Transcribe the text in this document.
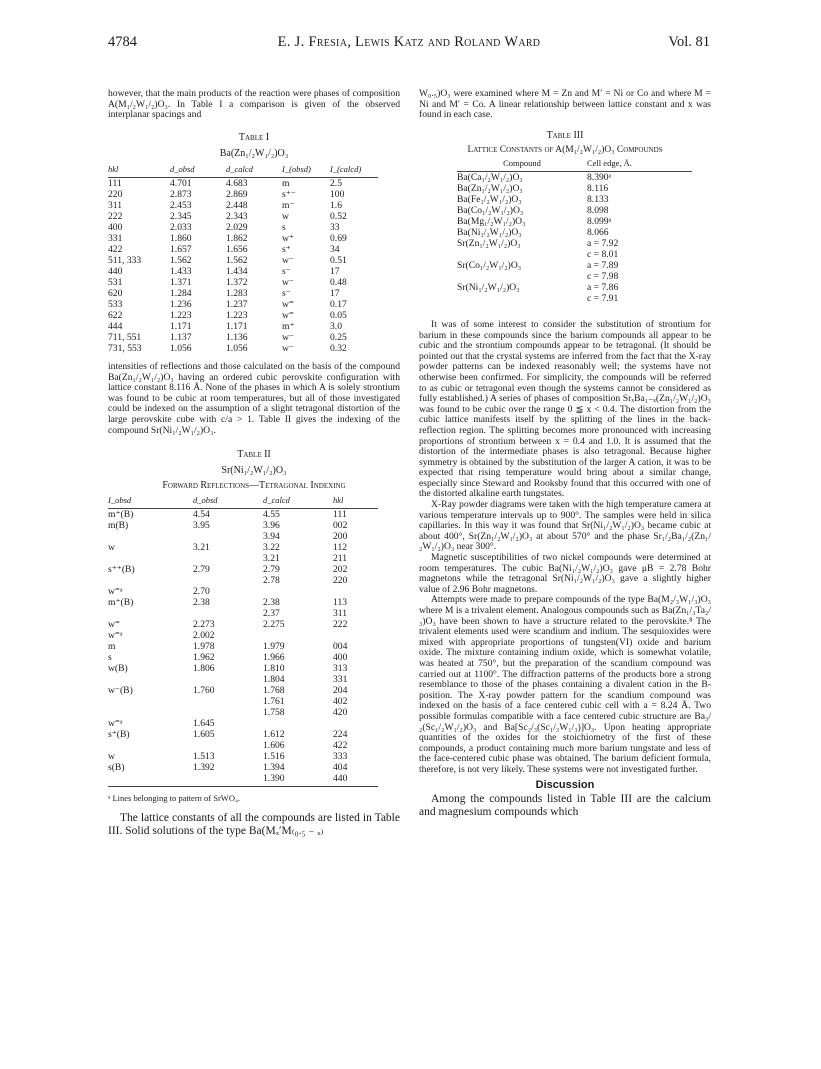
4784	E. J. Fresia, Lewis Katz and Roland Ward	Vol. 81

however, that the main products of the reaction were phases of composition A(M₁/₂W₁/₂)O₃. In Table I a comparison is given of the observed interplanar spacings and

Table I

Ba(Zn₁/₂W₁/₂)O₃

hkl	d_obsd	d_calcd	I_(obsd)	I_(calcd)
111	4.701	4.683	m	2.5
220	2.873	2.869	s⁺⁻	100
311	2.453	2.448	m⁻	1.6
222	2.345	2.343	w	0.52
400	2.033	2.029	s	33
331	1.860	1.862	w⁺	0.69
422	1.657	1.656	s⁺	34
511, 333	1.562	1.562	w⁻	0.51
440	1.433	1.434	s⁻	17
531	1.371	1.372	w⁻	0.48
620	1.284	1.283	s⁻	17
533	1.236	1.237	w⁼	0.17
622	1.223	1.223	w⁼	0.05
444	1.171	1.171	m⁺	3.0
711, 551	1.137	1.136	w⁻	0.25
731, 553	1.056	1.056	w⁻	0.32

intensities of reflections and those calculated on the basis of the compound Ba(Zn₁/₂W₁/₂)O₃ having an ordered cubic perovskite configuration with lattice constant 8.116 Å. None of the phases in which A is solely strontium was found to be cubic at room temperatures, but all of those investigated could be indexed on the assumption of a slight tetragonal distortion of the large perovskite cube with c/a > 1. Table II gives the indexing of the compound Sr(Ni₁/₂W₁/₂)O₃.

Table II

Sr(Ni₁/₂W₁/₂)O₃

Forward Reflections—Tetragonal Indexing

I_obsd	d_obsd	d_calcd	hkl
m⁺(B)	4.54	4.55	111
m(B)	3.95	3.96	002
		3.94	200
w	3.21	3.22	112
		3.21	211
s⁺⁺(B)	2.79	2.79	202
		2.78	220
w⁼ᵃ	2.70		
m⁺(B)	2.38	2.38	113
		2.37	311
w⁼	2.273	2.275	222
w⁼ᵃ	2.002		
m	1.978	1.979	004
s	1.962	1.966	400
w(B)	1.806	1.810	313
		1.804	331
w⁻(B)	1.760	1.768	204
		1.761	402
		1.758	420
w⁼ᵃ	1.645		
s⁺(B)	1.605	1.612	224
		1.606	422
w	1.513	1.516	333
s(B)	1.392	1.394	404
		1.390	440

ᵃ Lines belonging to pattern of SrWO₄.

The lattice constants of all the compounds are listed in Table III. Solid solutions of the type Ba(Mₓ′M₍₀.₅ ₋ ₓ₎

W₀.₅)O₃ were examined where M = Zn and M′ = Ni or Co and where M = Ni and M′ = Co. A linear relationship between lattice constant and x was found in each case.

Table III

Lattice Constants of A(M₁/₂W₁/₂)O₃ Compounds

Compound	Cell edge, Å.
Ba(Ca₁/₂W₁/₂)O₃	8.390ᵃ
Ba(Zn₁/₂W₁/₂)O₃	8.116
Ba(Fe₁/₂W₁/₂)O₃	8.133
Ba(Co₁/₂W₁/₂)O₃	8.098
Ba(Mg₁/₂W₁/₂)O₃	8.099ᵃ
Ba(Ni₁/₂W₁/₂)O₃	8.066
Sr(Zn₁/₂W₁/₂)O₃	a = 7.92
	c = 8.01
Sr(Co₁/₂W₁/₂)O₃	a = 7.89
	c = 7.98
Sr(Ni₁/₂W₁/₂)O₃	a = 7.86
	c = 7.91

It was of some interest to consider the substitution of strontium for barium in these compounds since the barium compounds all appear to be cubic and the strontium compounds appear to be tetragonal. (It should be pointed out that the crystal systems are inferred from the fact that the X-ray powder patterns can be indexed reasonably well; the systems have not otherwise been confirmed. For simplicity, the compounds will be referred to as cubic or tetragonal even though the systems cannot be considered as fully established.) A series of phases of composition SrₓBa₁₋ₓ(Zn₁/₂W₁/₂)O₃ was found to be cubic over the range 0 ≦ x < 0.4. The distortion from the cubic lattice manifests itself by the splitting of the lines in the back-reflection region. The splitting becomes more pronounced with increasing proportions of strontium between x = 0.4 and 1.0. It is assumed that the distortion of the intermediate phases is also tetragonal. Because higher symmetry is obtained by the substitution of the larger A cation, it was to be expected that rising temperature would bring about a similar change, especially since Steward and Rooksby found that this occurred with one of the distorted alkaline earth tungstates.

X-Ray powder diagrams were taken with the high temperature camera at various temperature intervals up to 900°. The samples were held in silica capillaries. In this way it was found that Sr(Ni₁/₂W₁/₂)O₃ became cubic at about 400°, Sr(Zn₁/₂W₁/₂)O₃ at about 570° and the phase Sr₁/₂Ba₁/₂(Zn₁/₂W₁/₂)O₃ near 300°.

Magnetic susceptibilities of two nickel compounds were determined at room temperatures. The cubic Ba(Ni₁/₂W₁/₂)O₃ gave μB = 2.78 Bohr magnetons while the tetragonal Sr(Ni₁/₂W₁/₂)O₃ gave a slightly higher value of 2.96 Bohr magnetons.

Attempts were made to prepare compounds of the type Ba(M₂/₃W₁/₃)O₃ where M is a trivalent element. Analogous compounds such as Ba(Zn₁/₃Ta₂/₃)O₃ have been shown to have a structure related to the perovskite.⁸ The trivalent elements used were scandium and indium. The sesquioxides were mixed with appropriate proportions of tungsten(VI) oxide and barium oxide. The mixture containing indium oxide, which is somewhat volatile, was heated at 750°, but the preparation of the scandium compound was carried out at 1100°. The diffraction patterns of the products bore a strong resemblance to those of the phases containing a divalent cation in the B-position. The X-ray powder pattern for the scandium compound was indexed on the basis of a face centered cubic cell with a = 8.24 Å. Two possible formulas compatible with a face centered cubic structure are Ba₃/₂(Sc₁/₂W₁/₂)O₃ and Ba[Sc₂/₃(Sc₁/₃W₁/₃)]O₃. Upon heating appropriate quantities of the oxides for the stoichiometry of the first of these compounds, a product containing much more barium tungstate and less of the face-centered cubic phase was obtained. The barium deficient formula, therefore, is not very likely. These systems were not investigated further.

Discussion

Among the compounds listed in Table III are the calcium and magnesium compounds which
